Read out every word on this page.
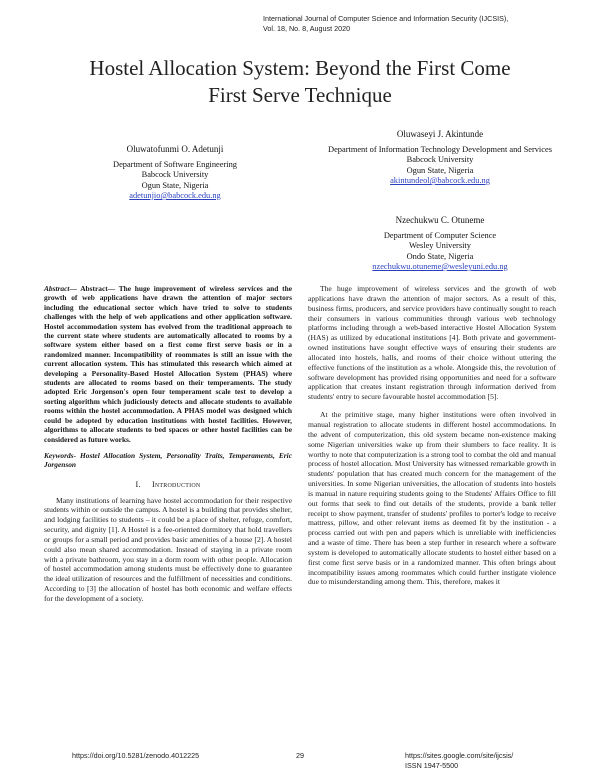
International Journal of Computer Science and Information Security (IJCSIS),
Vol. 18, No. 8, August 2020
Hostel Allocation System: Beyond the First Come
First Serve Technique
Oluwatofunmi O. Adetunji
Department of Software Engineering
Babcock University
Ogun State, Nigeria
adetunjio@babcock.edu.ng
Oluwaseyi J. Akintunde
Department of Information Technology Development and Services
Babcock University
Ogun State, Nigeria
akintundeol@babcock.edu.ng
Nzechukwu C. Otuneme
Department of Computer Science
Wesley University
Ondo State, Nigeria
nzechukwu.otuneme@wesleyuni.edu.ng

Abstract— Abstract— The huge improvement of wireless services and the growth of web applications have drawn the attention of major sectors including the educational sector which have tried to solve to students challenges with the help of web applications and other application software. Hostel accommodation system has evolved from the traditional approach to the current state where students are automatically allocated to rooms by a software system either based on a first come first serve basis or in a randomized manner. Incompatibility of roommates is still an issue with the current allocation system. This has stimulated this research which aimed at developing a Personality-Based Hostel Allocation System (PHAS) where students are allocated to rooms based on their temperaments. The study adopted Eric Jorgenson's open four temperament scale test to develop a sorting algorithm which judiciously detects and allocate students to available rooms within the hostel accommodation. A PHAS model was designed which could be adopted by education institutions with hostel facilities. However, algorithms to allocate students to bed spaces or other hostel facilities can be considered as future works.

Keywords- Hostel Allocation System, Personality Traits, Temperaments, Eric Jorgenson

I. Introduction

Many institutions of learning have hostel accommodation for their respective students within or outside the campus. A hostel is a building that provides shelter, and lodging facilities to students – it could be a place of shelter, refuge, comfort, security, and dignity [1]. A Hostel is a fee-oriented dormitory that hold travellers or groups for a small period and provides basic amenities of a house [2]. A hostel could also mean shared accommodation. Instead of staying in a private room with a private bathroom, you stay in a dorm room with other people. Allocation of hostel accommodation among students must be effectively done to guarantee the ideal utilization of resources and the fulfillment of necessities and conditions. According to [3] the allocation of hostel has both economic and welfare effects for the development of a society.

The huge improvement of wireless services and the growth of web applications have drawn the attention of major sectors. As a result of this, business firms, producers, and service providers have continually sought to reach their consumers in various communities through various web technology platforms including through a web-based interactive Hostel Allocation System (HAS) as utilized by educational institutions [4]. Both private and government-owned institutions have sought effective ways of ensuring their students are allocated into hostels, halls, and rooms of their choice without uttering the effective functions of the institution as a whole. Alongside this, the revolution of software development has provided rising opportunities and need for a software application that creates instant registration through information derived from students' entry to secure favourable hostel accommodation [5].

At the primitive stage, many higher institutions were often involved in manual registration to allocate students in different hostel accommodations. In the advent of computerization, this old system became non-existence making some Nigerian universities wake up from their slumbers to face reality. It is worthy to note that computerization is a strong tool to combat the old and manual process of hostel allocation. Most University has witnessed remarkable growth in students' population that has created much concern for the management of the universities. In some Nigerian universities, the allocation of students into hostels is manual in nature requiring students going to the Students' Affairs Office to fill out forms that seek to find out details of the students, provide a bank teller receipt to show payment, transfer of students' profiles to porter's lodge to receive mattress, pillow, and other relevant items as deemed fit by the institution - a process carried out with pen and papers which is unreliable with inefficiencies and a waste of time. There has been a step further in research where a software system is developed to automatically allocate students to hostel either based on a first come first serve basis or in a randomized manner. This often brings about incompatibility issues among roommates which could further instigate violence due to misunderstanding among them. This, therefore, makes it

https://doi.org/10.5281/zenodo.4012225	29	https://sites.google.com/site/ijcsis/
ISSN 1947-5500
